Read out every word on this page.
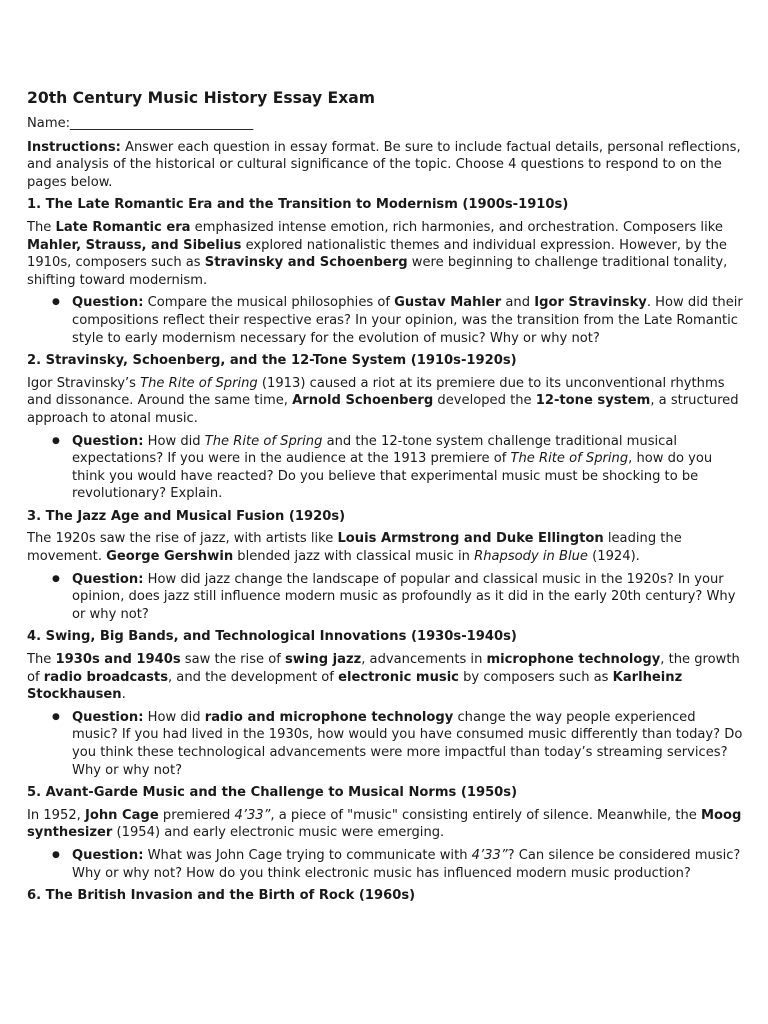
20th Century Music History Essay Exam

Name:____________________________

Instructions: Answer each question in essay format. Be sure to include factual details, personal reflections, and analysis of the historical or cultural significance of the topic. Choose 4 questions to respond to on the pages below.

1. The Late Romantic Era and the Transition to Modernism (1900s-1910s)

The Late Romantic era emphasized intense emotion, rich harmonies, and orchestration. Composers like Mahler, Strauss, and Sibelius explored nationalistic themes and individual expression. However, by the 1910s, composers such as Stravinsky and Schoenberg were beginning to challenge traditional tonality, shifting toward modernism.

● Question: Compare the musical philosophies of Gustav Mahler and Igor Stravinsky. How did their compositions reflect their respective eras? In your opinion, was the transition from the Late Romantic style to early modernism necessary for the evolution of music? Why or why not?

2. Stravinsky, Schoenberg, and the 12-Tone System (1910s-1920s)

Igor Stravinsky’s The Rite of Spring (1913) caused a riot at its premiere due to its unconventional rhythms and dissonance. Around the same time, Arnold Schoenberg developed the 12-tone system, a structured approach to atonal music.

● Question: How did The Rite of Spring and the 12-tone system challenge traditional musical expectations? If you were in the audience at the 1913 premiere of The Rite of Spring, how do you think you would have reacted? Do you believe that experimental music must be shocking to be revolutionary? Explain.

3. The Jazz Age and Musical Fusion (1920s)

The 1920s saw the rise of jazz, with artists like Louis Armstrong and Duke Ellington leading the movement. George Gershwin blended jazz with classical music in Rhapsody in Blue (1924).

● Question: How did jazz change the landscape of popular and classical music in the 1920s? In your opinion, does jazz still influence modern music as profoundly as it did in the early 20th century? Why or why not?

4. Swing, Big Bands, and Technological Innovations (1930s-1940s)

The 1930s and 1940s saw the rise of swing jazz, advancements in microphone technology, the growth of radio broadcasts, and the development of electronic music by composers such as Karlheinz Stockhausen.

● Question: How did radio and microphone technology change the way people experienced music? If you had lived in the 1930s, how would you have consumed music differently than today? Do you think these technological advancements were more impactful than today’s streaming services? Why or why not?

5. Avant-Garde Music and the Challenge to Musical Norms (1950s)

In 1952, John Cage premiered 4’33”, a piece of "music" consisting entirely of silence. Meanwhile, the Moog synthesizer (1954) and early electronic music were emerging.

● Question: What was John Cage trying to communicate with 4’33”? Can silence be considered music? Why or why not? How do you think electronic music has influenced modern music production?

6. The British Invasion and the Birth of Rock (1960s)
